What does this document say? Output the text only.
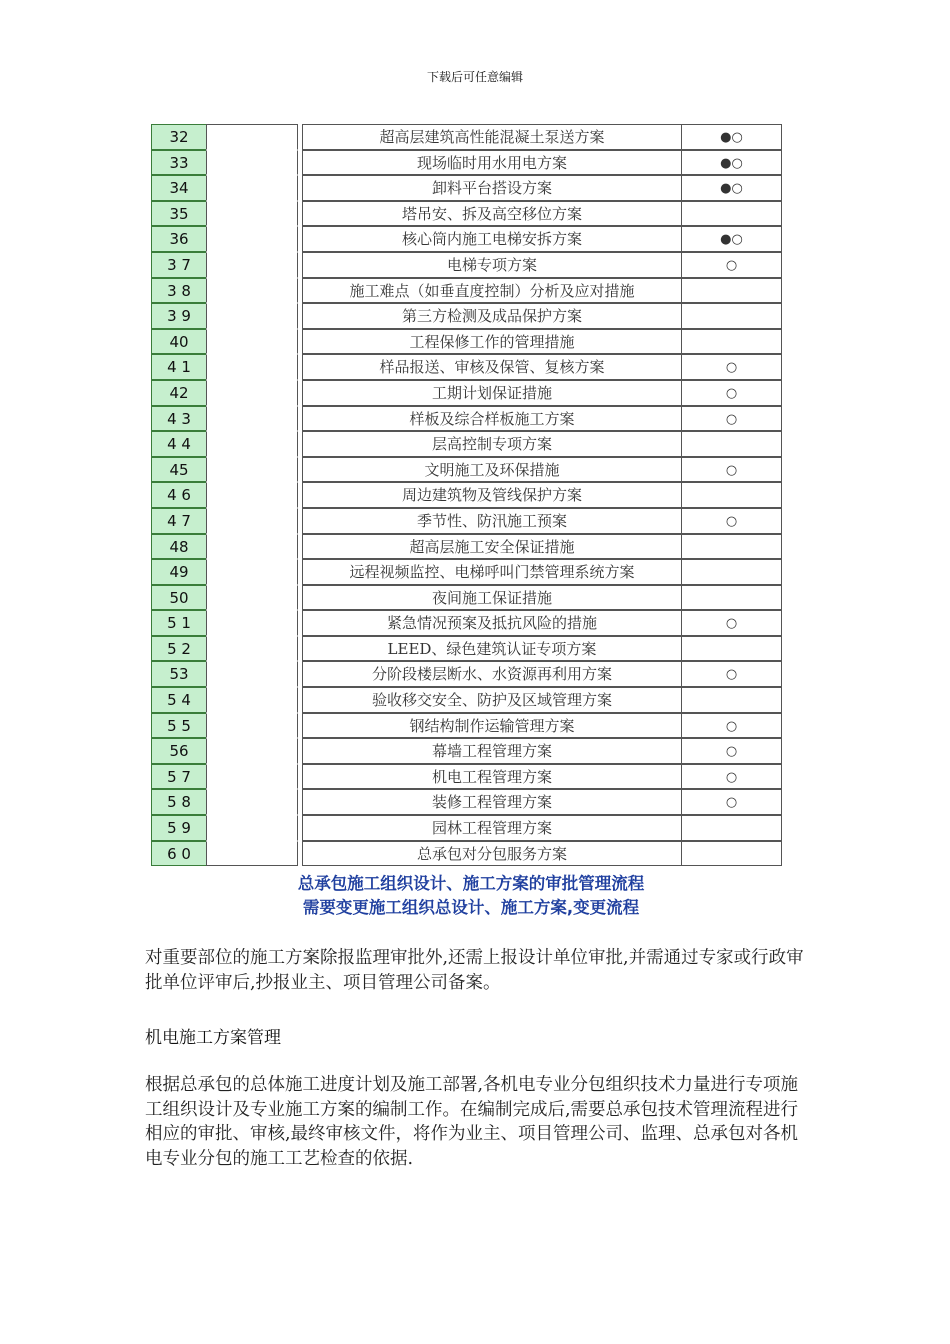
下载后可任意编辑
32	超高层建筑高性能混凝土泵送方案	●○
33	现场临时用水用电方案	●○
34	卸料平台搭设方案	●○
35	塔吊安、拆及高空移位方案
36	核心筒内施工电梯安拆方案	●○
3 7	电梯专项方案	○
3 8	施工难点（如垂直度控制）分析及应对措施
3 9	第三方检测及成品保护方案
40	工程保修工作的管理措施
4 1	样品报送、审核及保管、复核方案	○
42	工期计划保证措施	○
4 3	样板及综合样板施工方案	○
4 4	层高控制专项方案
45	文明施工及环保措施	○
4 6	周边建筑物及管线保护方案
4 7	季节性、防汛施工预案	○
48	超高层施工安全保证措施
49	远程视频监控、电梯呼叫门禁管理系统方案
50	夜间施工保证措施
5 1	紧急情况预案及抵抗风险的措施	○
5 2	LEED、绿色建筑认证专项方案
53	分阶段楼层断水、水资源再利用方案	○
5 4	验收移交安全、防护及区域管理方案
5 5	钢结构制作运输管理方案	○
56	幕墙工程管理方案	○
5 7	机电工程管理方案	○
5 8	装修工程管理方案	○
5 9	园林工程管理方案
6 0	总承包对分包服务方案
总承包施工组织设计、施工方案的审批管理流程
需要变更施工组织总设计、施工方案,变更流程
对重要部位的施工方案除报监理审批外,还需上报设计单位审批,并需通过专家或行政审批单位评审后,抄报业主、项目管理公司备案。
机电施工方案管理
根据总承包的总体施工进度计划及施工部署,各机电专业分包组织技术力量进行专项施工组织设计及专业施工方案的编制工作。在编制完成后,需要总承包技术管理流程进行相应的审批、审核,最终审核文件，将作为业主、项目管理公司、监理、总承包对各机电专业分包的施工工艺检查的依据.
